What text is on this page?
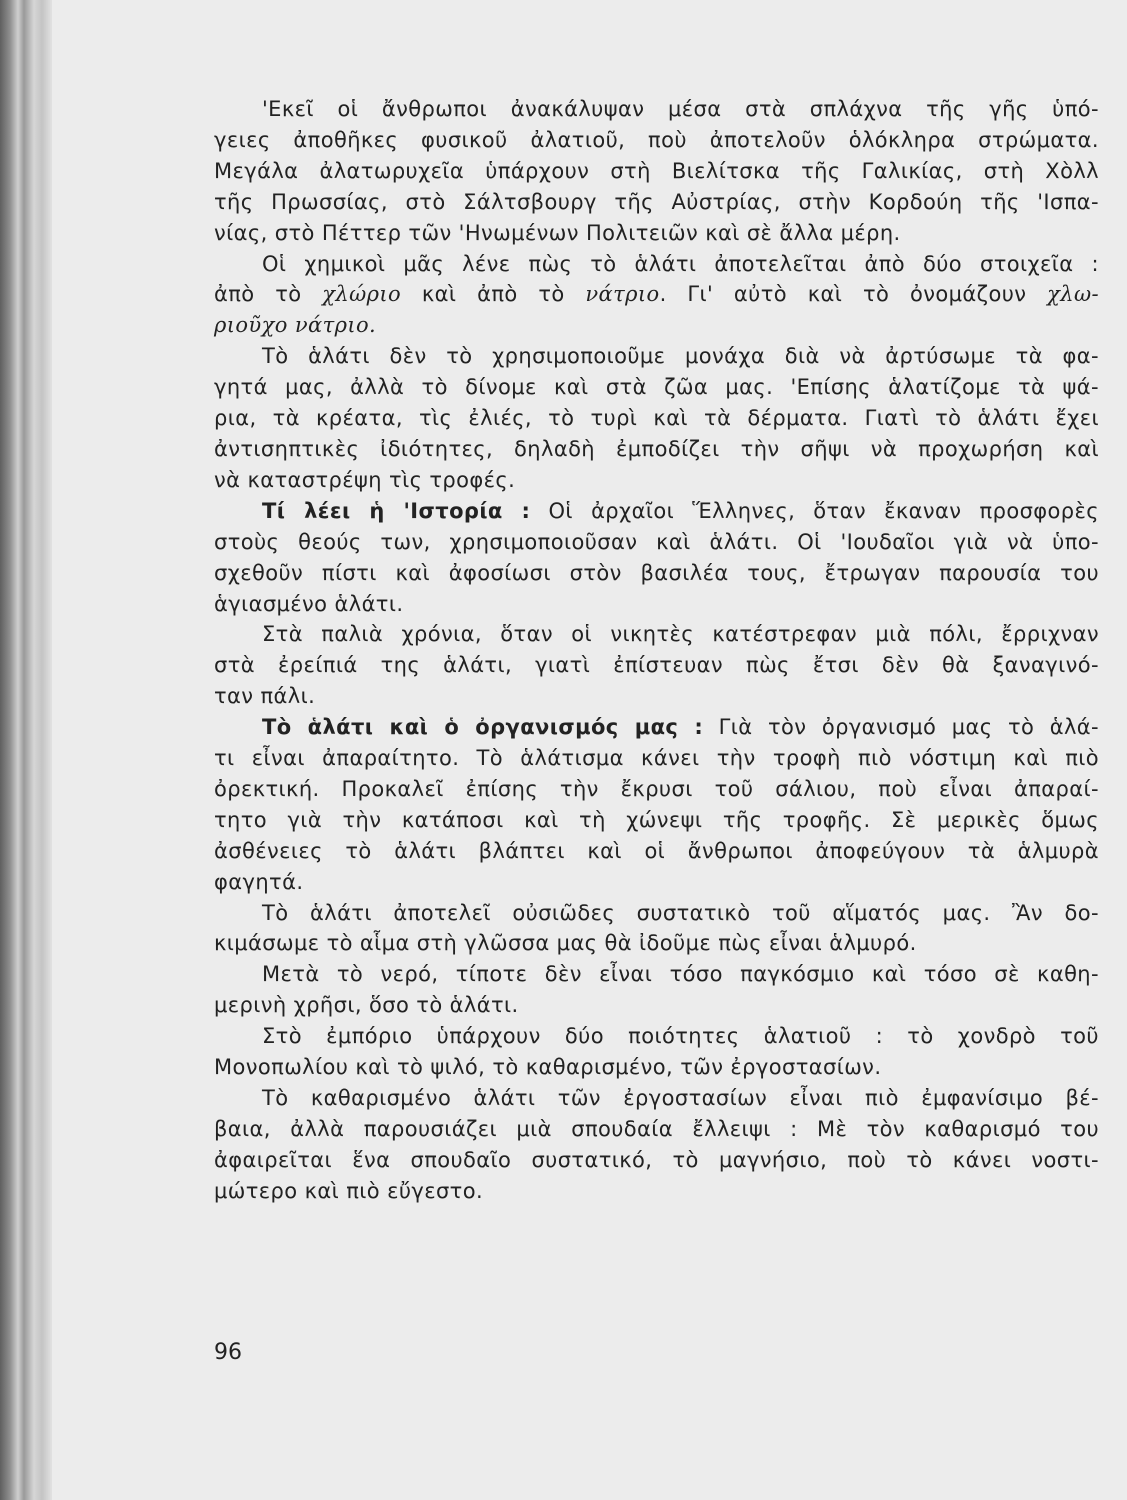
'Εκεῖ οἱ ἄνθρωποι ἀνακάλυψαν μέσα στὰ σπλάχνα τῆς γῆς ὑπό-
γειες ἀποθῆκες φυσικοῦ ἀλατιοῦ, ποὺ ἀποτελοῦν ὁλόκληρα στρώματα.
Μεγάλα ἀλατωρυχεῖα ὑπάρχουν στὴ Βιελίτσκα τῆς Γαλικίας, στὴ Χὸλλ
τῆς Πρωσσίας, στὸ Σάλτσβουργ τῆς Αὐστρίας, στὴν Κορδούη τῆς 'Ισπα-
νίας, στὸ Πέττερ τῶν 'Ηνωμένων Πολιτειῶν καὶ σὲ ἄλλα μέρη.
Οἱ χημικοὶ μᾶς λένε πὼς τὸ ἁλάτι ἀποτελεῖται ἀπὸ δύο στοιχεῖα :
ἀπὸ τὸ χλώριο καὶ ἀπὸ τὸ νάτριο. Γι' αὐτὸ καὶ τὸ ὀνομάζουν χλω-
ριοῦχο νάτριο.
Τὸ ἁλάτι δὲν τὸ χρησιμοποιοῦμε μονάχα διὰ νὰ ἀρτύσωμε τὰ φα-
γητά μας, ἀλλὰ τὸ δίνομε καὶ στὰ ζῶα μας. 'Επίσης ἁλατίζομε τὰ ψά-
ρια, τὰ κρέατα, τὶς ἐλιές, τὸ τυρὶ καὶ τὰ δέρματα. Γιατὶ τὸ ἁλάτι ἔχει
ἀντισηπτικὲς ἰδιότητες, δηλαδὴ ἐμποδίζει τὴν σῆψι νὰ προχωρήση καὶ
νὰ καταστρέψη τὶς τροφές.
Τί λέει ἡ 'Ιστορία : Οἱ ἀρχαῖοι Ἕλληνες, ὅταν ἔκαναν προσφορὲς
στοὺς θεούς των, χρησιμοποιοῦσαν καὶ ἁλάτι. Οἱ 'Ιουδαῖοι γιὰ νὰ ὑπο-
σχεθοῦν πίστι καὶ ἀφοσίωσι στὸν βασιλέα τους, ἔτρωγαν παρουσία του
ἁγιασμένο ἁλάτι.
Στὰ παλιὰ χρόνια, ὅταν οἱ νικητὲς κατέστρεφαν μιὰ πόλι, ἔρριχναν
στὰ ἐρείπιά της ἁλάτι, γιατὶ ἐπίστευαν πὼς ἔτσι δὲν θὰ ξαναγινό-
ταν πάλι.
Τὸ ἁλάτι καὶ ὁ ὀργανισμός μας : Γιὰ τὸν ὀργανισμό μας τὸ ἁλά-
τι εἶναι ἀπαραίτητο. Τὸ ἁλάτισμα κάνει τὴν τροφὴ πιὸ νόστιμη καὶ πιὸ
ὀρεκτική. Προκαλεῖ ἐπίσης τὴν ἔκρυσι τοῦ σάλιου, ποὺ εἶναι ἀπαραί-
τητο γιὰ τὴν κατάποσι καὶ τὴ χώνεψι τῆς τροφῆς. Σὲ μερικὲς ὅμως
ἀσθένειες τὸ ἁλάτι βλάπτει καὶ οἱ ἄνθρωποι ἀποφεύγουν τὰ ἁλμυρὰ
φαγητά.
Τὸ ἁλάτι ἀποτελεῖ οὐσιῶδες συστατικὸ τοῦ αἵματός μας. Ἂν δο-
κιμάσωμε τὸ αἷμα στὴ γλῶσσα μας θὰ ἰδοῦμε πὼς εἶναι ἁλμυρό.
Μετὰ τὸ νερό, τίποτε δὲν εἶναι τόσο παγκόσμιο καὶ τόσο σὲ καθη-
μερινὴ χρῆσι, ὅσο τὸ ἁλάτι.
Στὸ ἐμπόριο ὑπάρχουν δύο ποιότητες ἁλατιοῦ : τὸ χονδρὸ τοῦ
Μονοπωλίου καὶ τὸ ψιλό, τὸ καθαρισμένο, τῶν ἐργοστασίων.
Τὸ καθαρισμένο ἁλάτι τῶν ἐργοστασίων εἶναι πιὸ ἐμφανίσιμο βέ-
βαια, ἀλλὰ παρουσιάζει μιὰ σπουδαία ἔλλειψι : Μὲ τὸν καθαρισμό του
ἀφαιρεῖται ἕνα σπουδαῖο συστατικό, τὸ μαγνήσιο, ποὺ τὸ κάνει νοστι-
μώτερο καὶ πιὸ εὔγεστο.
96
